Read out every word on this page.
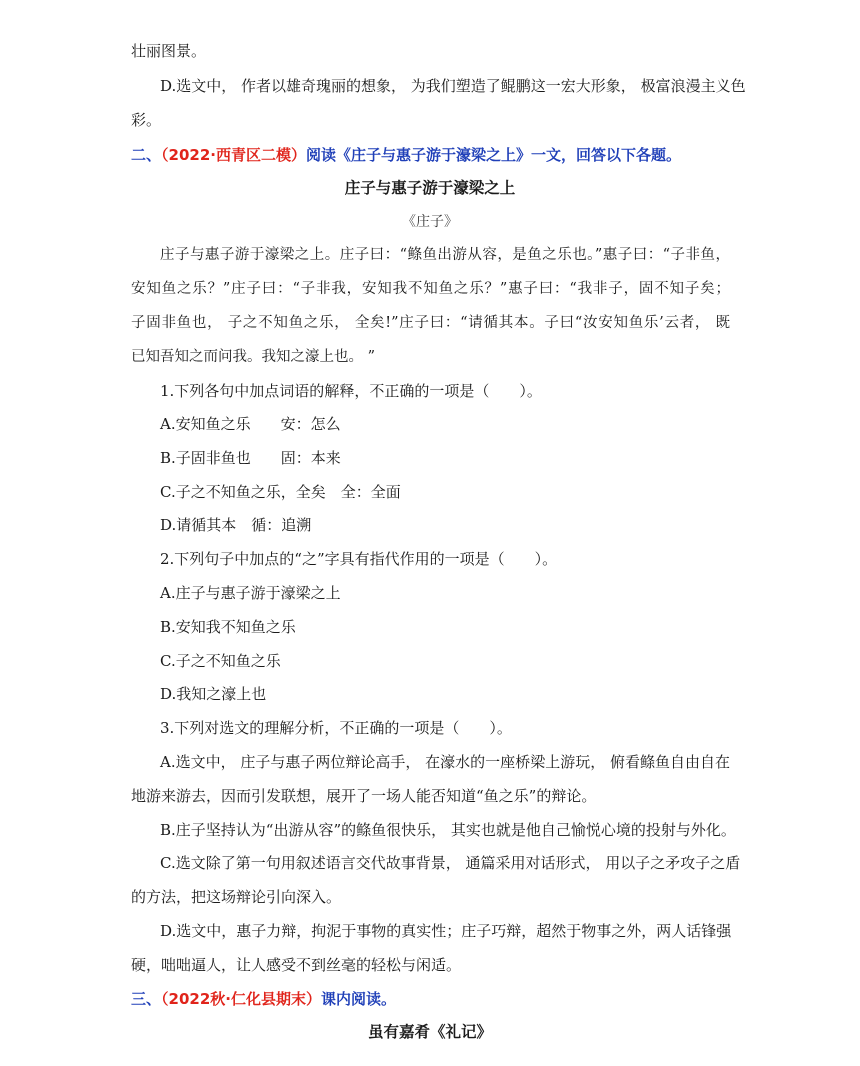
壮丽图景。
D.选文中， 作者以雄奇瑰丽的想象， 为我们塑造了鲲鹏这一宏大形象， 极富浪漫主义色
彩。
二、（2022·西青区二模）阅读《庄子与惠子游于濠梁之上》一文，回答以下各题。
庄子与惠子游于濠梁之上
《庄子》
庄子与惠子游于濠梁之上。庄子曰：“鲦鱼出游从容，是鱼之乐也。”惠子曰：“子非鱼，
安知鱼之乐？”庄子曰：“子非我，安知我不知鱼之乐？”惠子曰：“我非子，固不知子矣；
子固非鱼也， 子之不知鱼之乐， 全矣!”庄子曰：“请循其本。子曰“汝安知鱼乐’云者， 既
已知吾知之而问我。我知之濠上也。 ”
1.下列各句中加点词语的解释，不正确的一项是（　　）。
A.安知鱼之乐　　安：怎么
B.子固非鱼也　　固：本来
C.子之不知鱼之乐，全矣　全：全面
D.请循其本　循：追溯
2.下列句子中加点的“之”字具有指代作用的一项是（　　）。
A.庄子与惠子游于濠梁之上
B.安知我不知鱼之乐
C.子之不知鱼之乐
D.我知之濠上也
3.下列对选文的理解分析，不正确的一项是（　　）。
A.选文中， 庄子与惠子两位辩论高手， 在濠水的一座桥梁上游玩， 俯看鲦鱼自由自在
地游来游去，因而引发联想，展开了一场人能否知道“鱼之乐”的辩论。
B.庄子坚持认为“出游从容”的鲦鱼很快乐， 其实也就是他自己愉悦心境的投射与外化。
C.选文除了第一句用叙述语言交代故事背景， 通篇采用对话形式， 用以子之矛攻子之盾
的方法，把这场辩论引向深入。
D.选文中，惠子力辩，拘泥于事物的真实性；庄子巧辩，超然于物事之外，两人话锋强
硬，咄咄逼人，让人感受不到丝毫的轻松与闲适。
三、（2022秋·仁化县期末）课内阅读。
虽有嘉肴《礼记》
